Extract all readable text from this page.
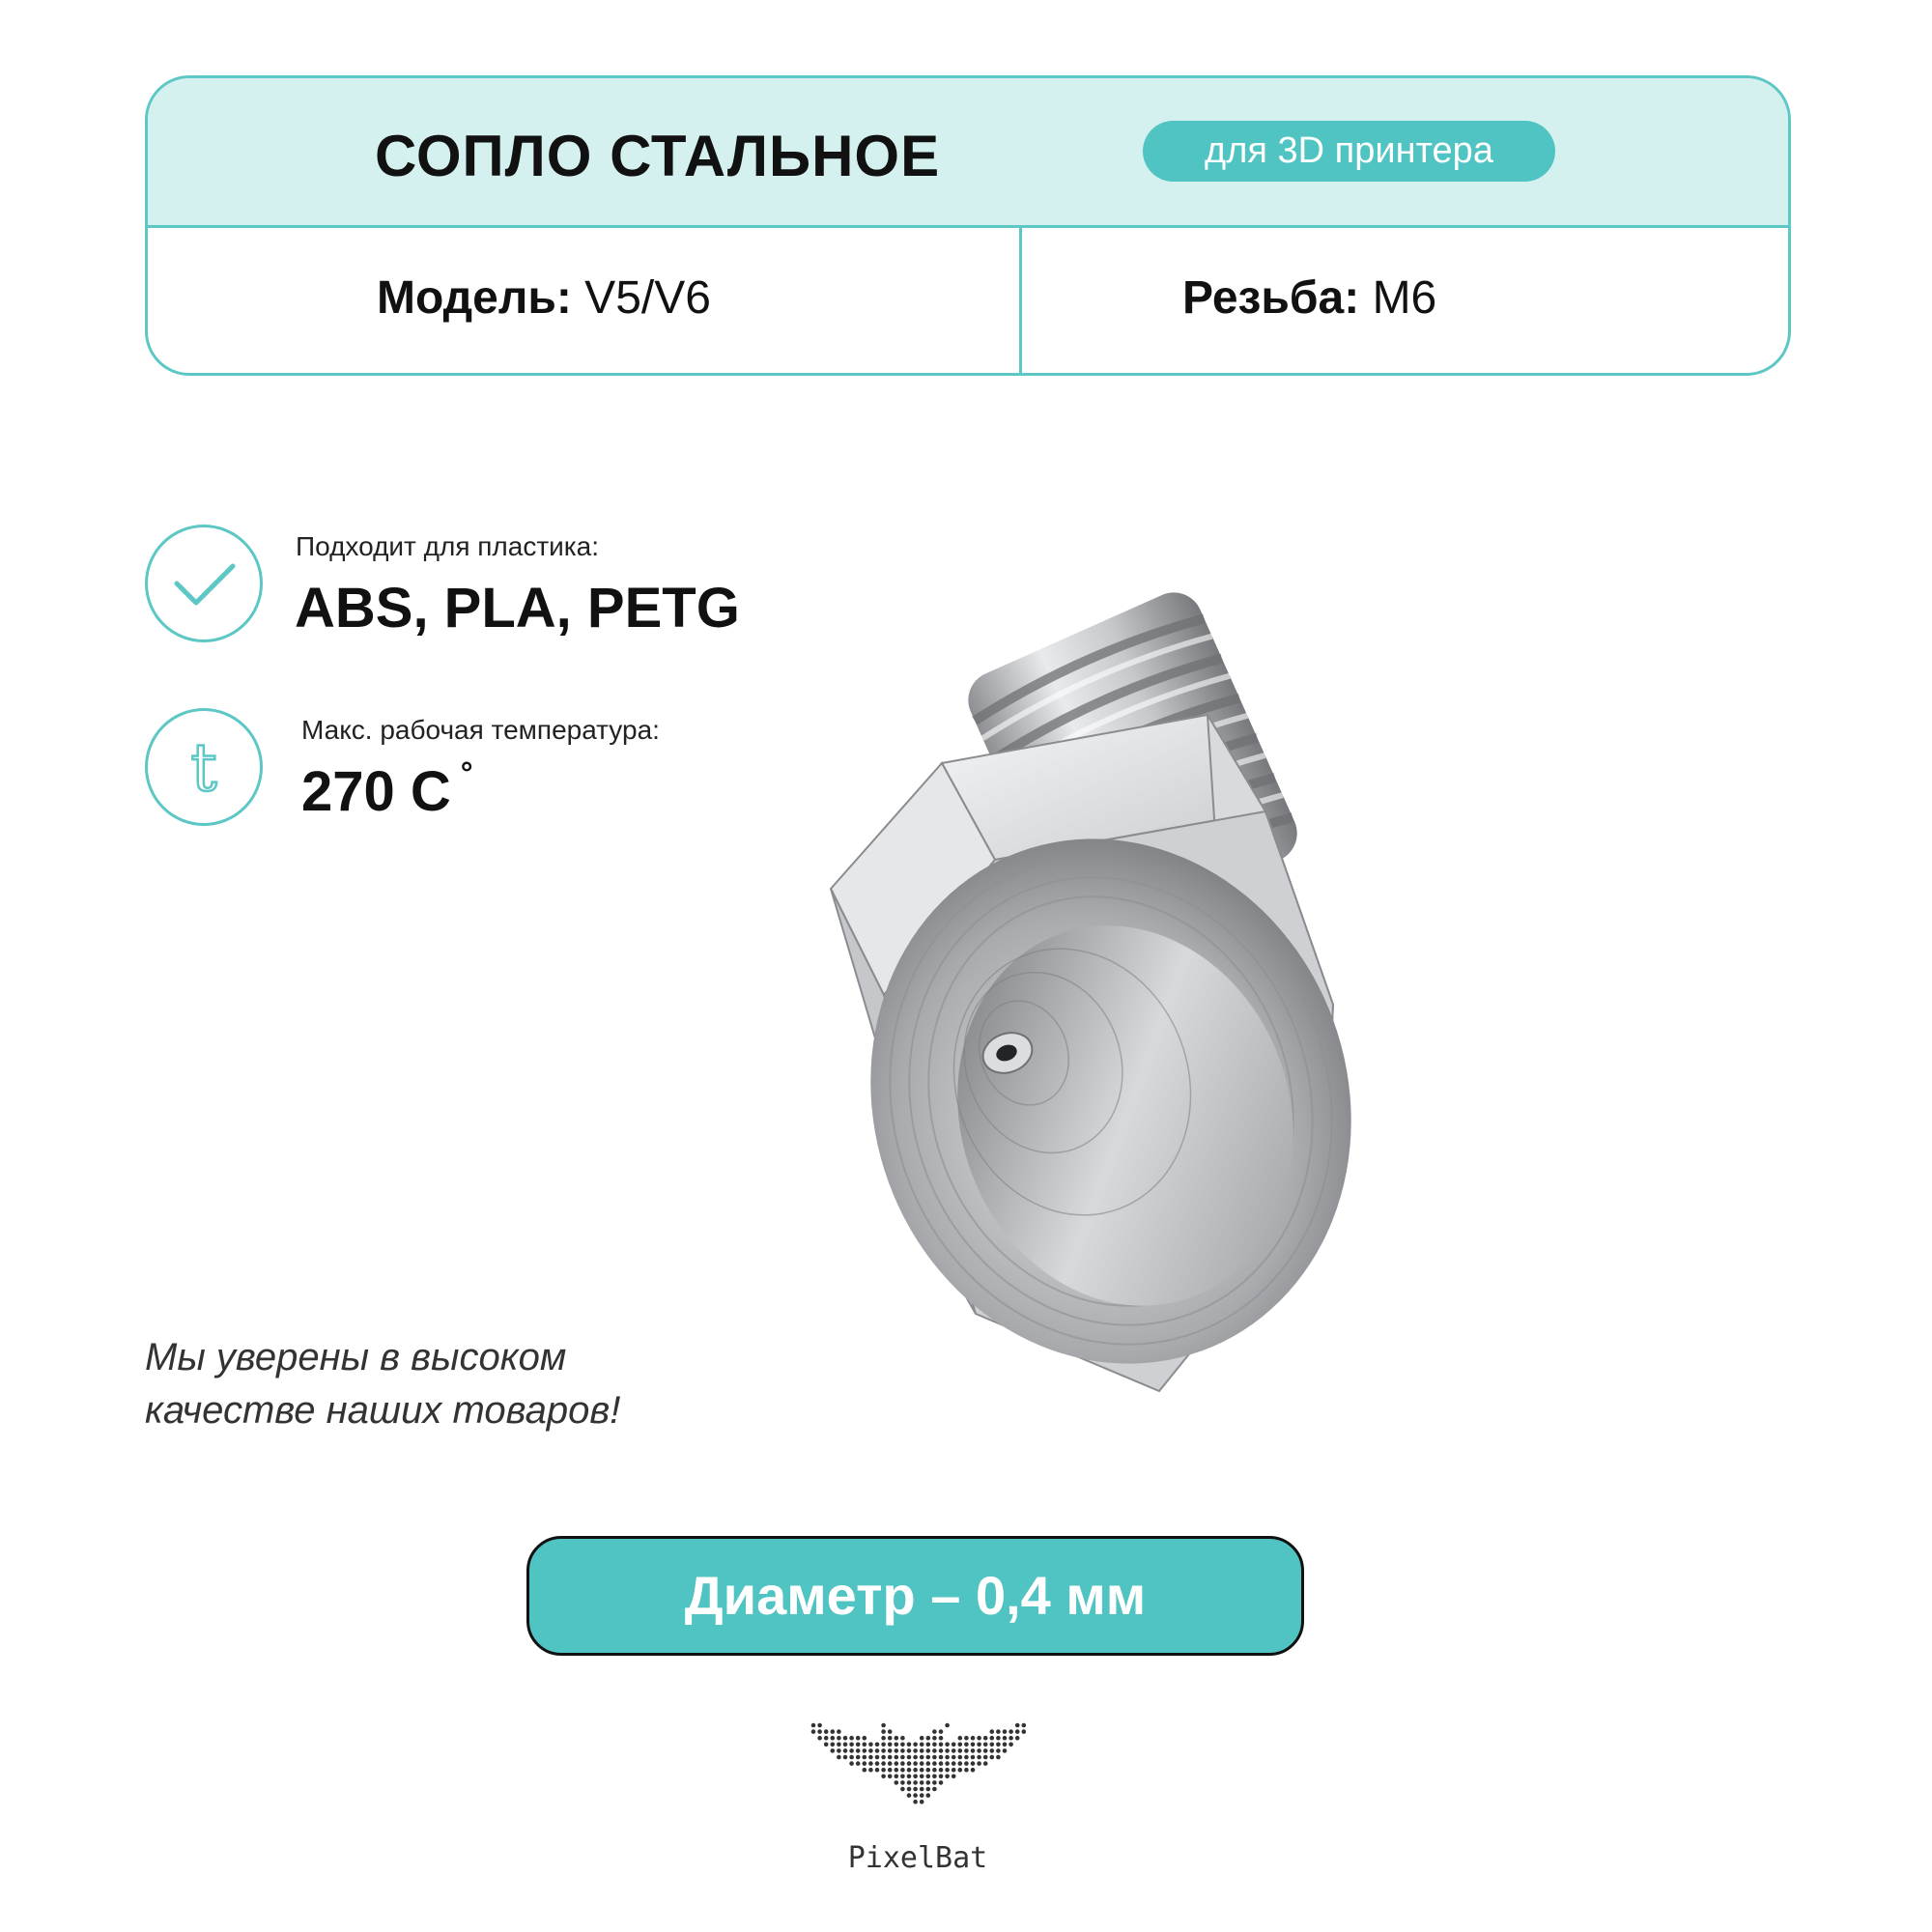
СОПЛО СТАЛЬНОЕ	для 3D принтера
Модель: V5/V6	Резьба: M6
Подходит для пластика:
ABS, PLA, PETG
t
Макс. рабочая температура:
270 C °
Мы уверены в высоком
качестве наших товаров!
Диаметр – 0,4 мм
PixelBat
